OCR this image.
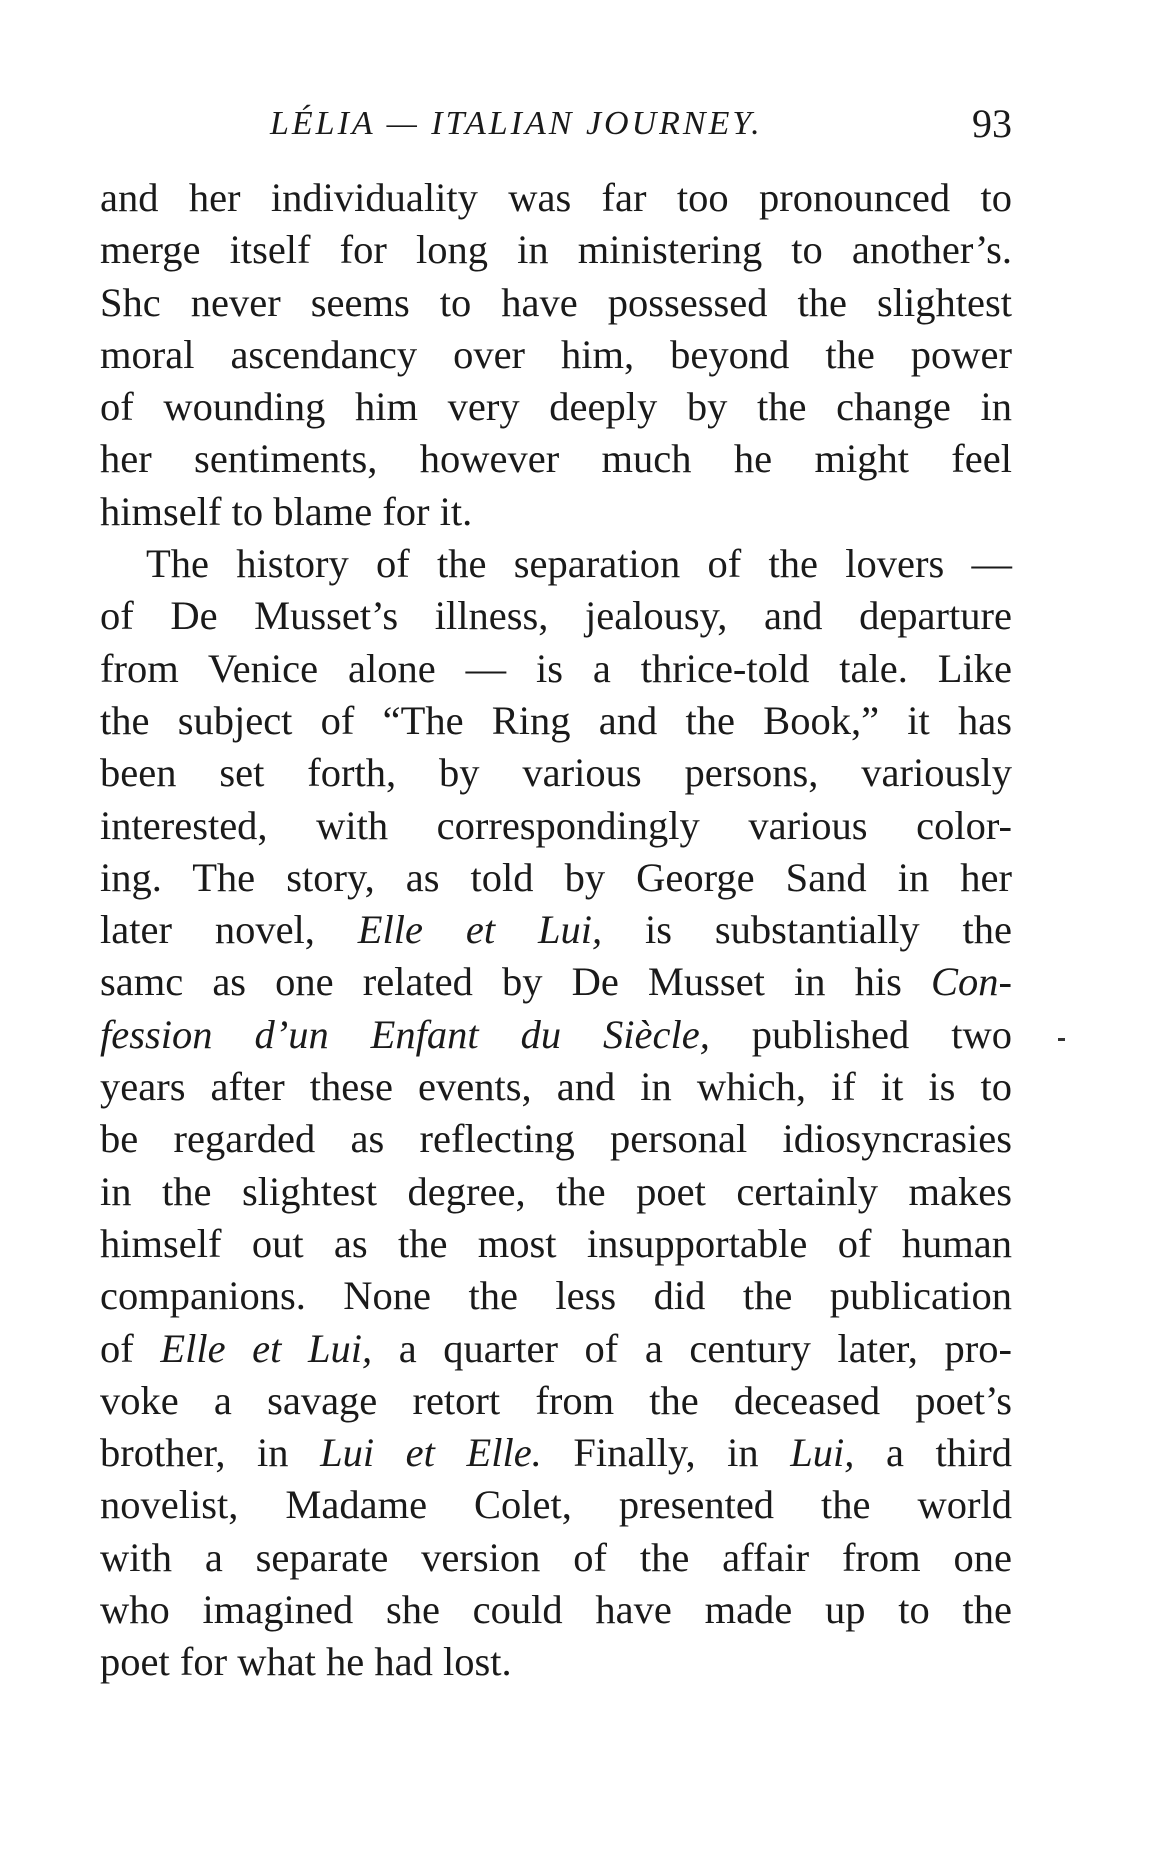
LÉLIA — ITALIAN JOURNEY.	93
and her individuality was far too pronounced to
merge itself for long in ministering to another’s.
Shc never seems to have possessed the slightest
moral ascendancy over him, beyond the power
of wounding him very deeply by the change in
her sentiments, however much he might feel
himself to blame for it.
The history of the separation of the lovers —
of De Musset’s illness, jealousy, and departure
from Venice alone — is a thrice-told tale. Like
the subject of “The Ring and the Book,” it has
been set forth, by various persons, variously
interested, with correspondingly various color-
ing. The story, as told by George Sand in her
later novel, Elle et Lui, is substantially the
samc as one related by De Musset in his Con-
fession d’un Enfant du Siècle, published two
years after these events, and in which, if it is to
be regarded as reflecting personal idiosyncrasies
in the slightest degree, the poet certainly makes
himself out as the most insupportable of human
companions. None the less did the publication
of Elle et Lui, a quarter of a century later, pro-
voke a savage retort from the deceased poet’s
brother, in Lui et Elle. Finally, in Lui, a third
novelist, Madame Colet, presented the world
with a separate version of the affair from one
who imagined she could have made up to the
poet for what he had lost.
